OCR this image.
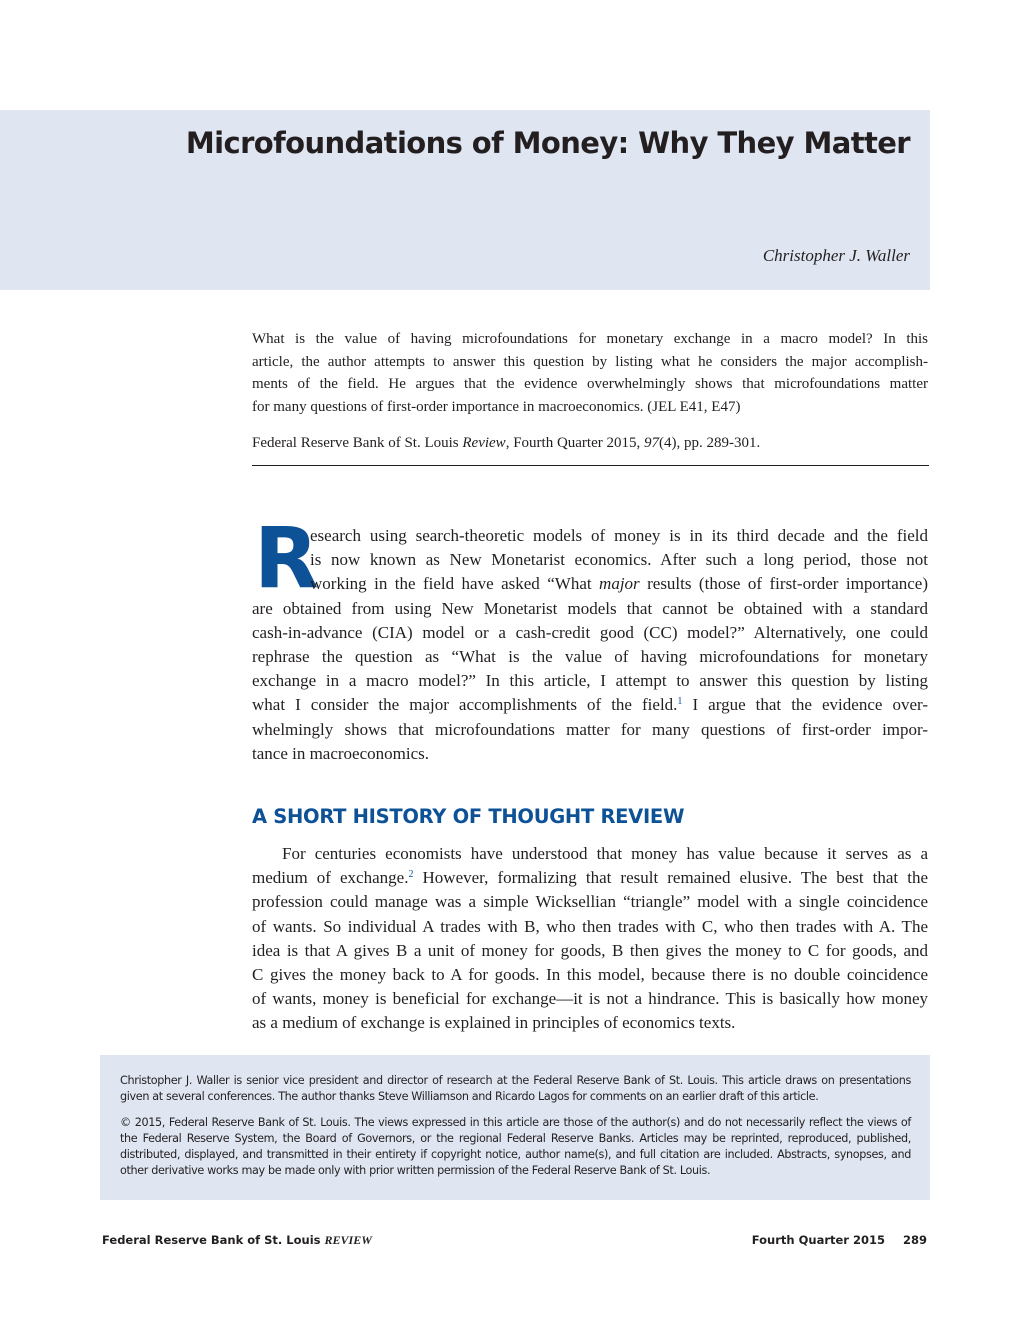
Microfoundations of Money: Why They Matter
Christopher J. Waller
What is the value of having microfoundations for monetary exchange in a macro model? In this
article, the author attempts to answer this question by listing what he considers the major accomplish-
ments of the field. He argues that the evidence overwhelmingly shows that microfoundations matter
for many questions of first-order importance in macroeconomics. (JEL E41, E47)
Federal Reserve Bank of St. Louis Review, Fourth Quarter 2015, 97(4), pp. 289-301.
R
esearch using search-theoretic models of money is in its third decade and the field
is now known as New Monetarist economics. After such a long period, those not
working in the field have asked “What major results (those of first-order importance)
are obtained from using New Monetarist models that cannot be obtained with a standard
cash-in-advance (CIA) model or a cash-credit good (CC) model?” Alternatively, one could
rephrase the question as “What is the value of having microfoundations for monetary
exchange in a macro model?” In this article, I attempt to answer this question by listing
what I consider the major accomplishments of the field.$^1$ I argue that the evidence over-
whelmingly shows that microfoundations matter for many questions of first-order impor-
tance in macroeconomics.
A SHORT HISTORY OF THOUGHT REVIEW
For centuries economists have understood that money has value because it serves as a
medium of exchange.$^2$ However, formalizing that result remained elusive. The best that the
profession could manage was a simple Wicksellian “triangle” model with a single coincidence
of wants. So individual A trades with B, who then trades with C, who then trades with A. The
idea is that A gives B a unit of money for goods, B then gives the money to C for goods, and
C gives the money back to A for goods. In this model, because there is no double coincidence
of wants, money is beneficial for exchange—it is not a hindrance. This is basically how money
as a medium of exchange is explained in principles of economics texts.
Christopher J. Waller is senior vice president and director of research at the Federal Reserve Bank of St. Louis. This article draws on presentations
given at several conferences. The author thanks Steve Williamson and Ricardo Lagos for comments on an earlier draft of this article.
© 2015, Federal Reserve Bank of St. Louis. The views expressed in this article are those of the author(s) and do not necessarily reflect the views of
the Federal Reserve System, the Board of Governors, or the regional Federal Reserve Banks. Articles may be reprinted, reproduced, published,
distributed, displayed, and transmitted in their entirety if copyright notice, author name(s), and full citation are included. Abstracts, synopses, and
other derivative works may be made only with prior written permission of the Federal Reserve Bank of St. Louis.
Federal Reserve Bank of St. Louis REVIEW	Fourth Quarter 2015 289
